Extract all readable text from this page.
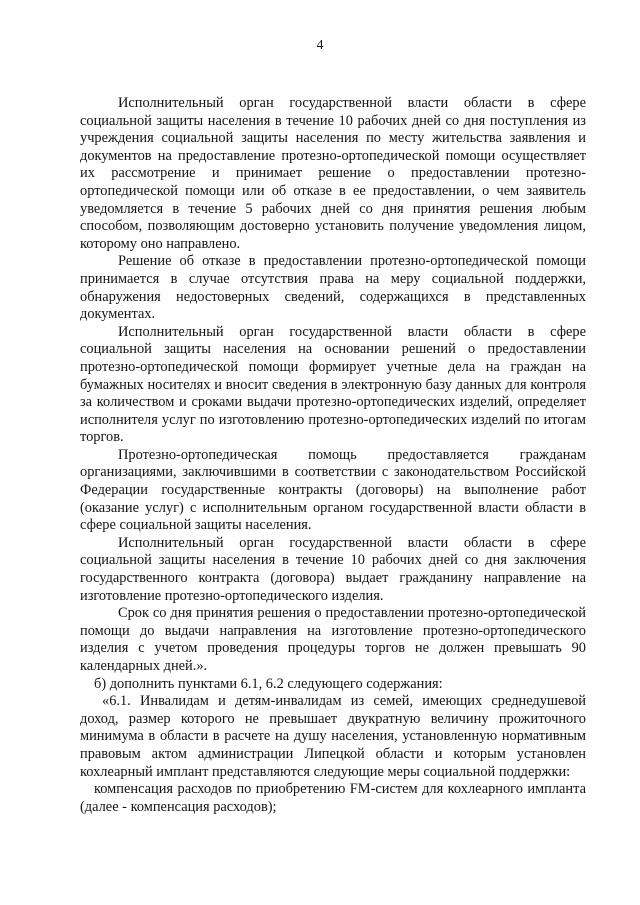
4

Исполнительный орган государственной власти области в сфере социальной защиты населения в течение 10 рабочих дней со дня поступления из учреждения социальной защиты населения по месту жительства заявления и документов на предоставление протезно-ортопедической помощи осуществляет их рассмотрение и принимает решение о предоставлении протезно-ортопедической помощи или об отказе в ее предоставлении, о чем заявитель уведомляется в течение 5 рабочих дней со дня принятия решения любым способом, позволяющим достоверно установить получение уведомления лицом, которому оно направлено.

Решение об отказе в предоставлении протезно-ортопедической помощи принимается в случае отсутствия права на меру социальной поддержки, обнаружения недостоверных сведений, содержащихся в представленных документах.

Исполнительный орган государственной власти области в сфере социальной защиты населения на основании решений о предоставлении протезно-ортопедической помощи формирует учетные дела на граждан на бумажных носителях и вносит сведения в электронную базу данных для контроля за количеством и сроками выдачи протезно-ортопедических изделий, определяет исполнителя услуг по изготовлению протезно-ортопедических изделий по итогам торгов.

Протезно-ортопедическая помощь предоставляется гражданам организациями, заключившими в соответствии с законодательством Российской Федерации государственные контракты (договоры) на выполнение работ (оказание услуг) с исполнительным органом государственной власти области в сфере социальной защиты населения.

Исполнительный орган государственной власти области в сфере социальной защиты населения в течение 10 рабочих дней со дня заключения государственного контракта (договора) выдает гражданину направление на изготовление протезно-ортопедического изделия.

Срок со дня принятия решения о предоставлении протезно-ортопедической помощи до выдачи направления на изготовление протезно-ортопедического изделия с учетом проведения процедуры торгов не должен превышать 90 календарных дней.».

б) дополнить пунктами 6.1, 6.2 следующего содержания:

«6.1. Инвалидам и детям-инвалидам из семей, имеющих среднедушевой доход, размер которого не превышает двукратную величину прожиточного минимума в области в расчете на душу населения, установленную нормативным правовым актом администрации Липецкой области и которым установлен кохлеарный имплант представляются следующие меры социальной поддержки:

компенсация расходов по приобретению FM-систем для кохлеарного импланта (далее - компенсация расходов);
